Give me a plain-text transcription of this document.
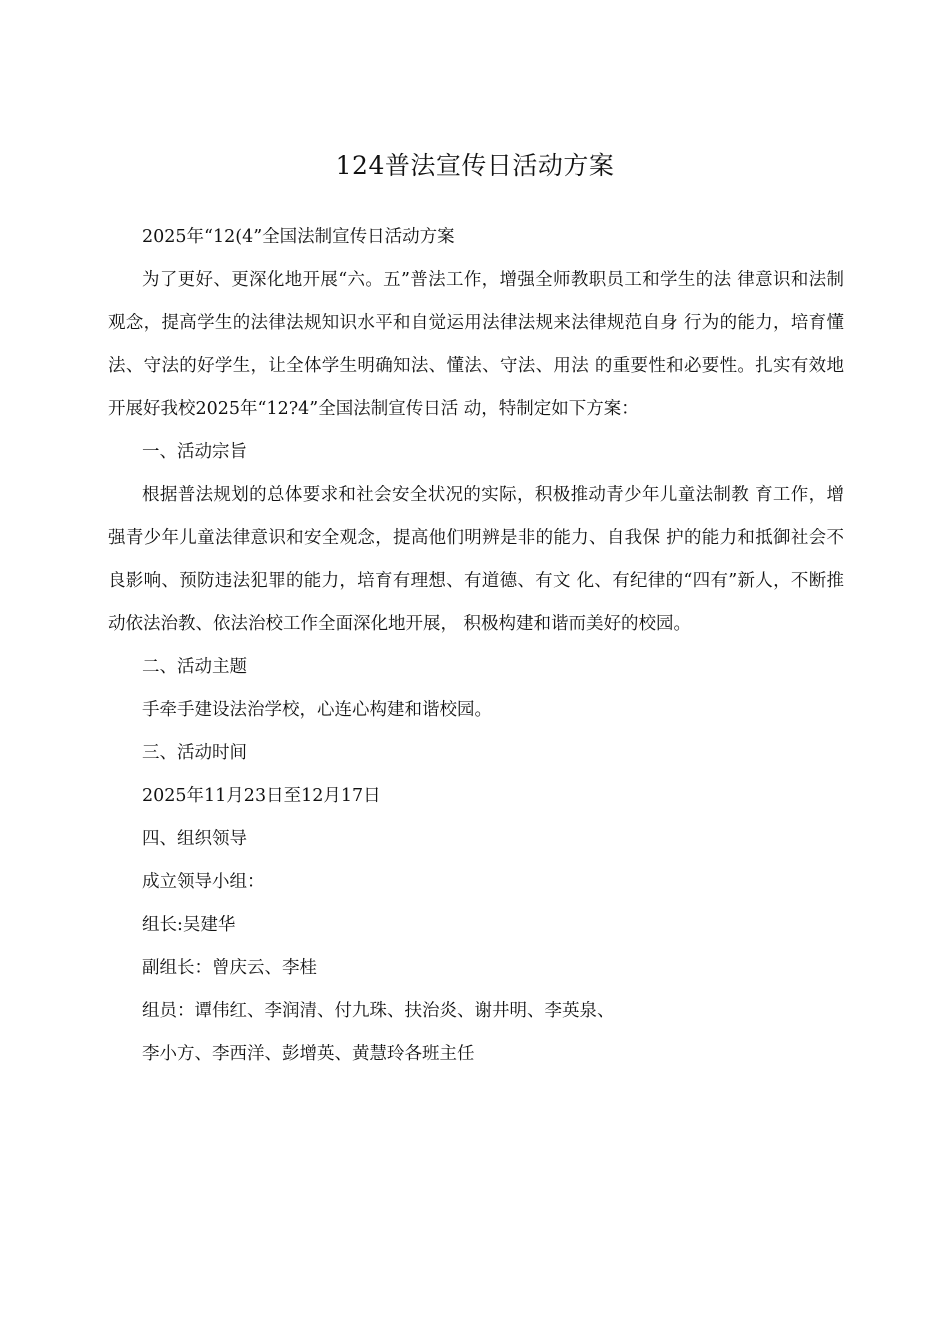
124普法宣传日活动方案

2025年“12(4”全国法制宣传日活动方案

为了更好、更深化地开展“六。五”普法工作，增强全师教职员工和学生的法 律意识和法制观念，提高学生的法律法规知识水平和自觉运用法律法规来法律规范自身 行为的能力，培育懂法、守法的好学生，让全体学生明确知法、懂法、守法、用法 的重要性和必要性。扎实有效地开展好我校2025年“12?4”全国法制宣传日活 动，特制定如下方案：

一、活动宗旨

根据普法规划的总体要求和社会安全状况的实际，积极推动青少年儿童法制教 育工作，增强青少年儿童法律意识和安全观念，提高他们明辨是非的能力、自我保 护的能力和抵御社会不良影响、预防违法犯罪的能力，培育有理想、有道德、有文 化、有纪律的“四有”新人，不断推动依法治教、依法治校工作全面深化地开展， 积极构建和谐而美好的校园。

二、活动主题

手牵手建设法治学校，心连心构建和谐校园。

三、活动时间

2025年11月23日至12月17日

四、组织领导

成立领导小组：

组长:吴建华

副组长：曾庆云、李桂

组员：谭伟红、李润清、付九珠、扶治炎、谢井明、李英泉、

李小方、李西洋、彭增英、黄慧玲各班主任
